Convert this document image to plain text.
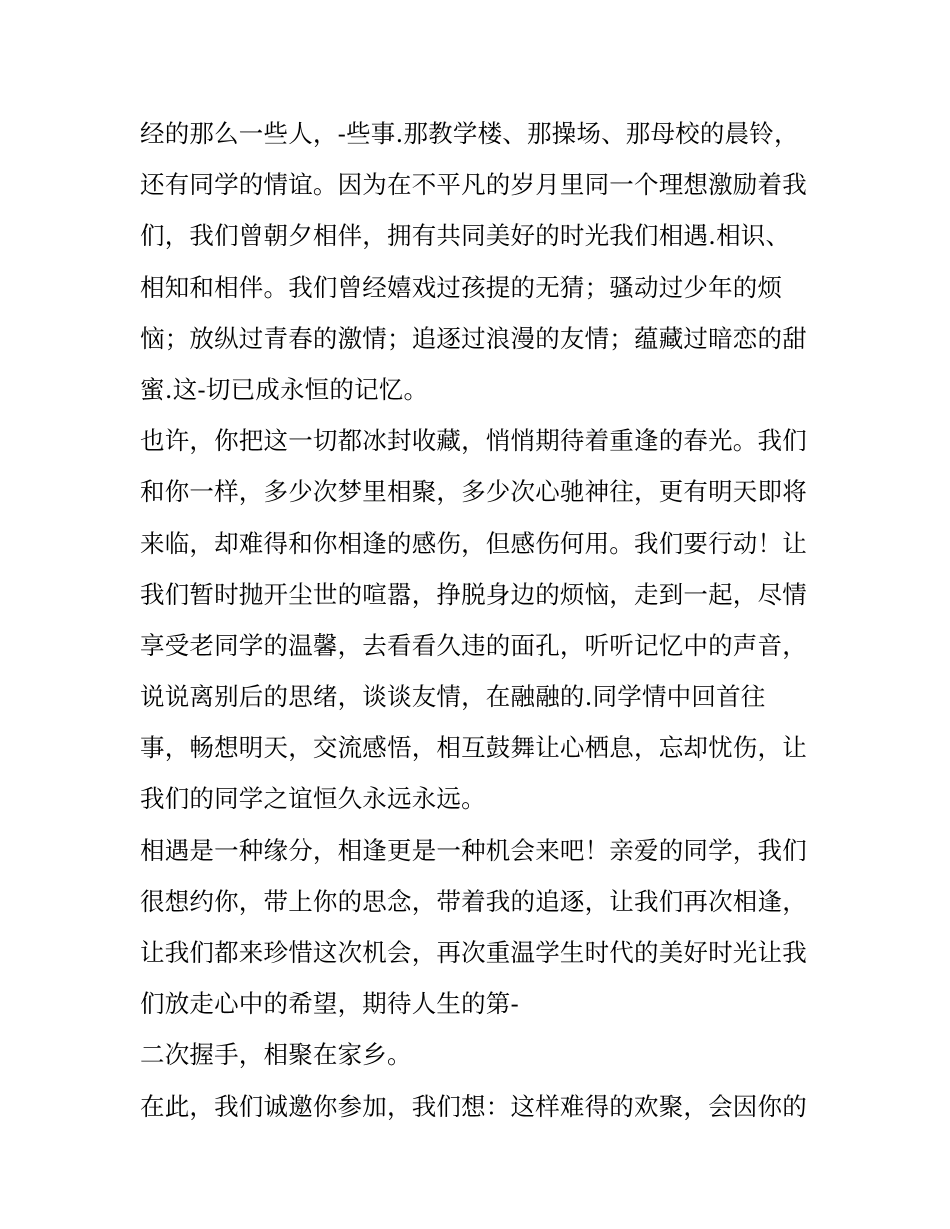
经的那么一些人，-些事.那教学楼、那操场、那母校的晨铃，
还有同学的情谊。因为在不平凡的岁月里同一个理想激励着我
们，我们曾朝夕相伴，拥有共同美好的时光我们相遇.相识、
相知和相伴。我们曾经嬉戏过孩提的无猜；骚动过少年的烦
恼；放纵过青春的激情；追逐过浪漫的友情；蕴藏过暗恋的甜
蜜.这-切已成永恒的记忆。
也许，你把这一切都冰封收藏，悄悄期待着重逢的春光。我们
和你一样，多少次梦里相聚，多少次心驰神往，更有明天即将
来临，却难得和你相逢的感伤，但感伤何用。我们要行动！让
我们暂时抛开尘世的喧嚣，挣脱身边的烦恼，走到一起，尽情
享受老同学的温馨，去看看久违的面孔，听听记忆中的声音，
说说离别后的思绪，谈谈友情，在融融的.同学情中回首往
事，畅想明天，交流感悟，相互鼓舞让心栖息，忘却忧伤，让
我们的同学之谊恒久永远永远。
相遇是一种缘分，相逢更是一种机会来吧！亲爱的同学，我们
很想约你，带上你的思念，带着我的追逐，让我们再次相逢，
让我们都来珍惜这次机会，再次重温学生时代的美好时光让我
们放走心中的希望，期待人生的第-
二次握手，相聚在家乡。
在此，我们诚邀你参加，我们想：这样难得的欢聚，会因你的
